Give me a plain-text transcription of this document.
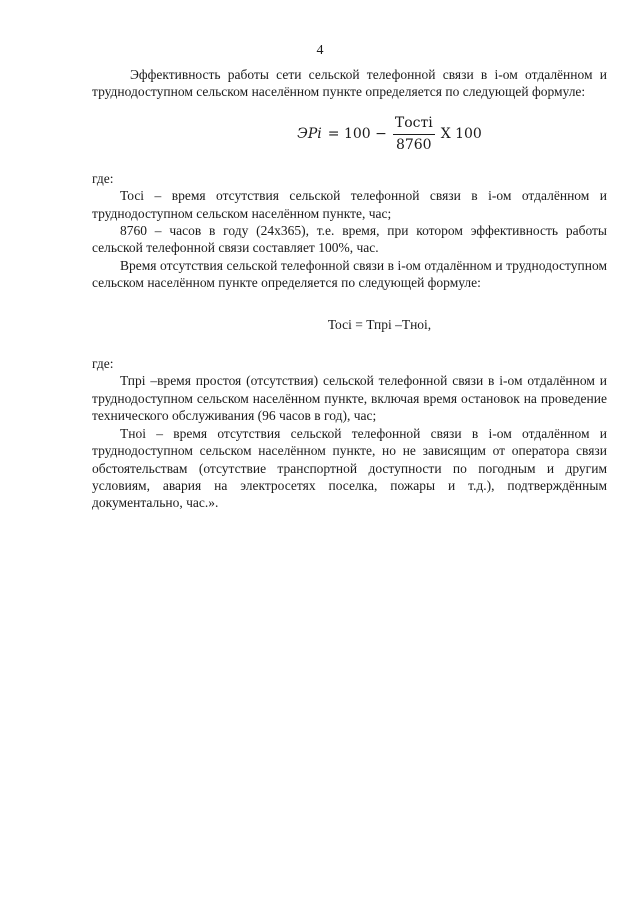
4

Эффективность работы сети сельской телефонной связи в i-ом отдалённом и труднодоступном сельском населённом пункте определяется по следующей формуле:

ЭРi = $100 - \frac{\text{Тостi}}{8760}$ X 100

где:

Тосi – время отсутствия сельской телефонной связи в i-ом отдалённом и труднодоступном сельском населённом пункте, час;

8760 – часов в году (24х365), т.е. время, при котором эффективность работы сельской телефонной связи составляет 100%, час.

Время отсутствия сельской телефонной связи в i-ом отдалённом и труднодоступном сельском населённом пункте определяется по следующей формуле:

Тосi = Тпрi –Тноi,

где:

Тпрi –время простоя (отсутствия) сельской телефонной связи в i-ом отдалённом и труднодоступном сельском населённом пункте, включая время остановок на проведение технического обслуживания (96 часов в год), час;

Тноi – время отсутствия сельской телефонной связи в i-ом отдалённом и труднодоступном сельском населённом пункте, но не зависящим от оператора связи обстоятельствам (отсутствие транспортной доступности по погодным и другим условиям, авария на электросетях поселка, пожары и т.д.), подтверждённым документально, час.».
